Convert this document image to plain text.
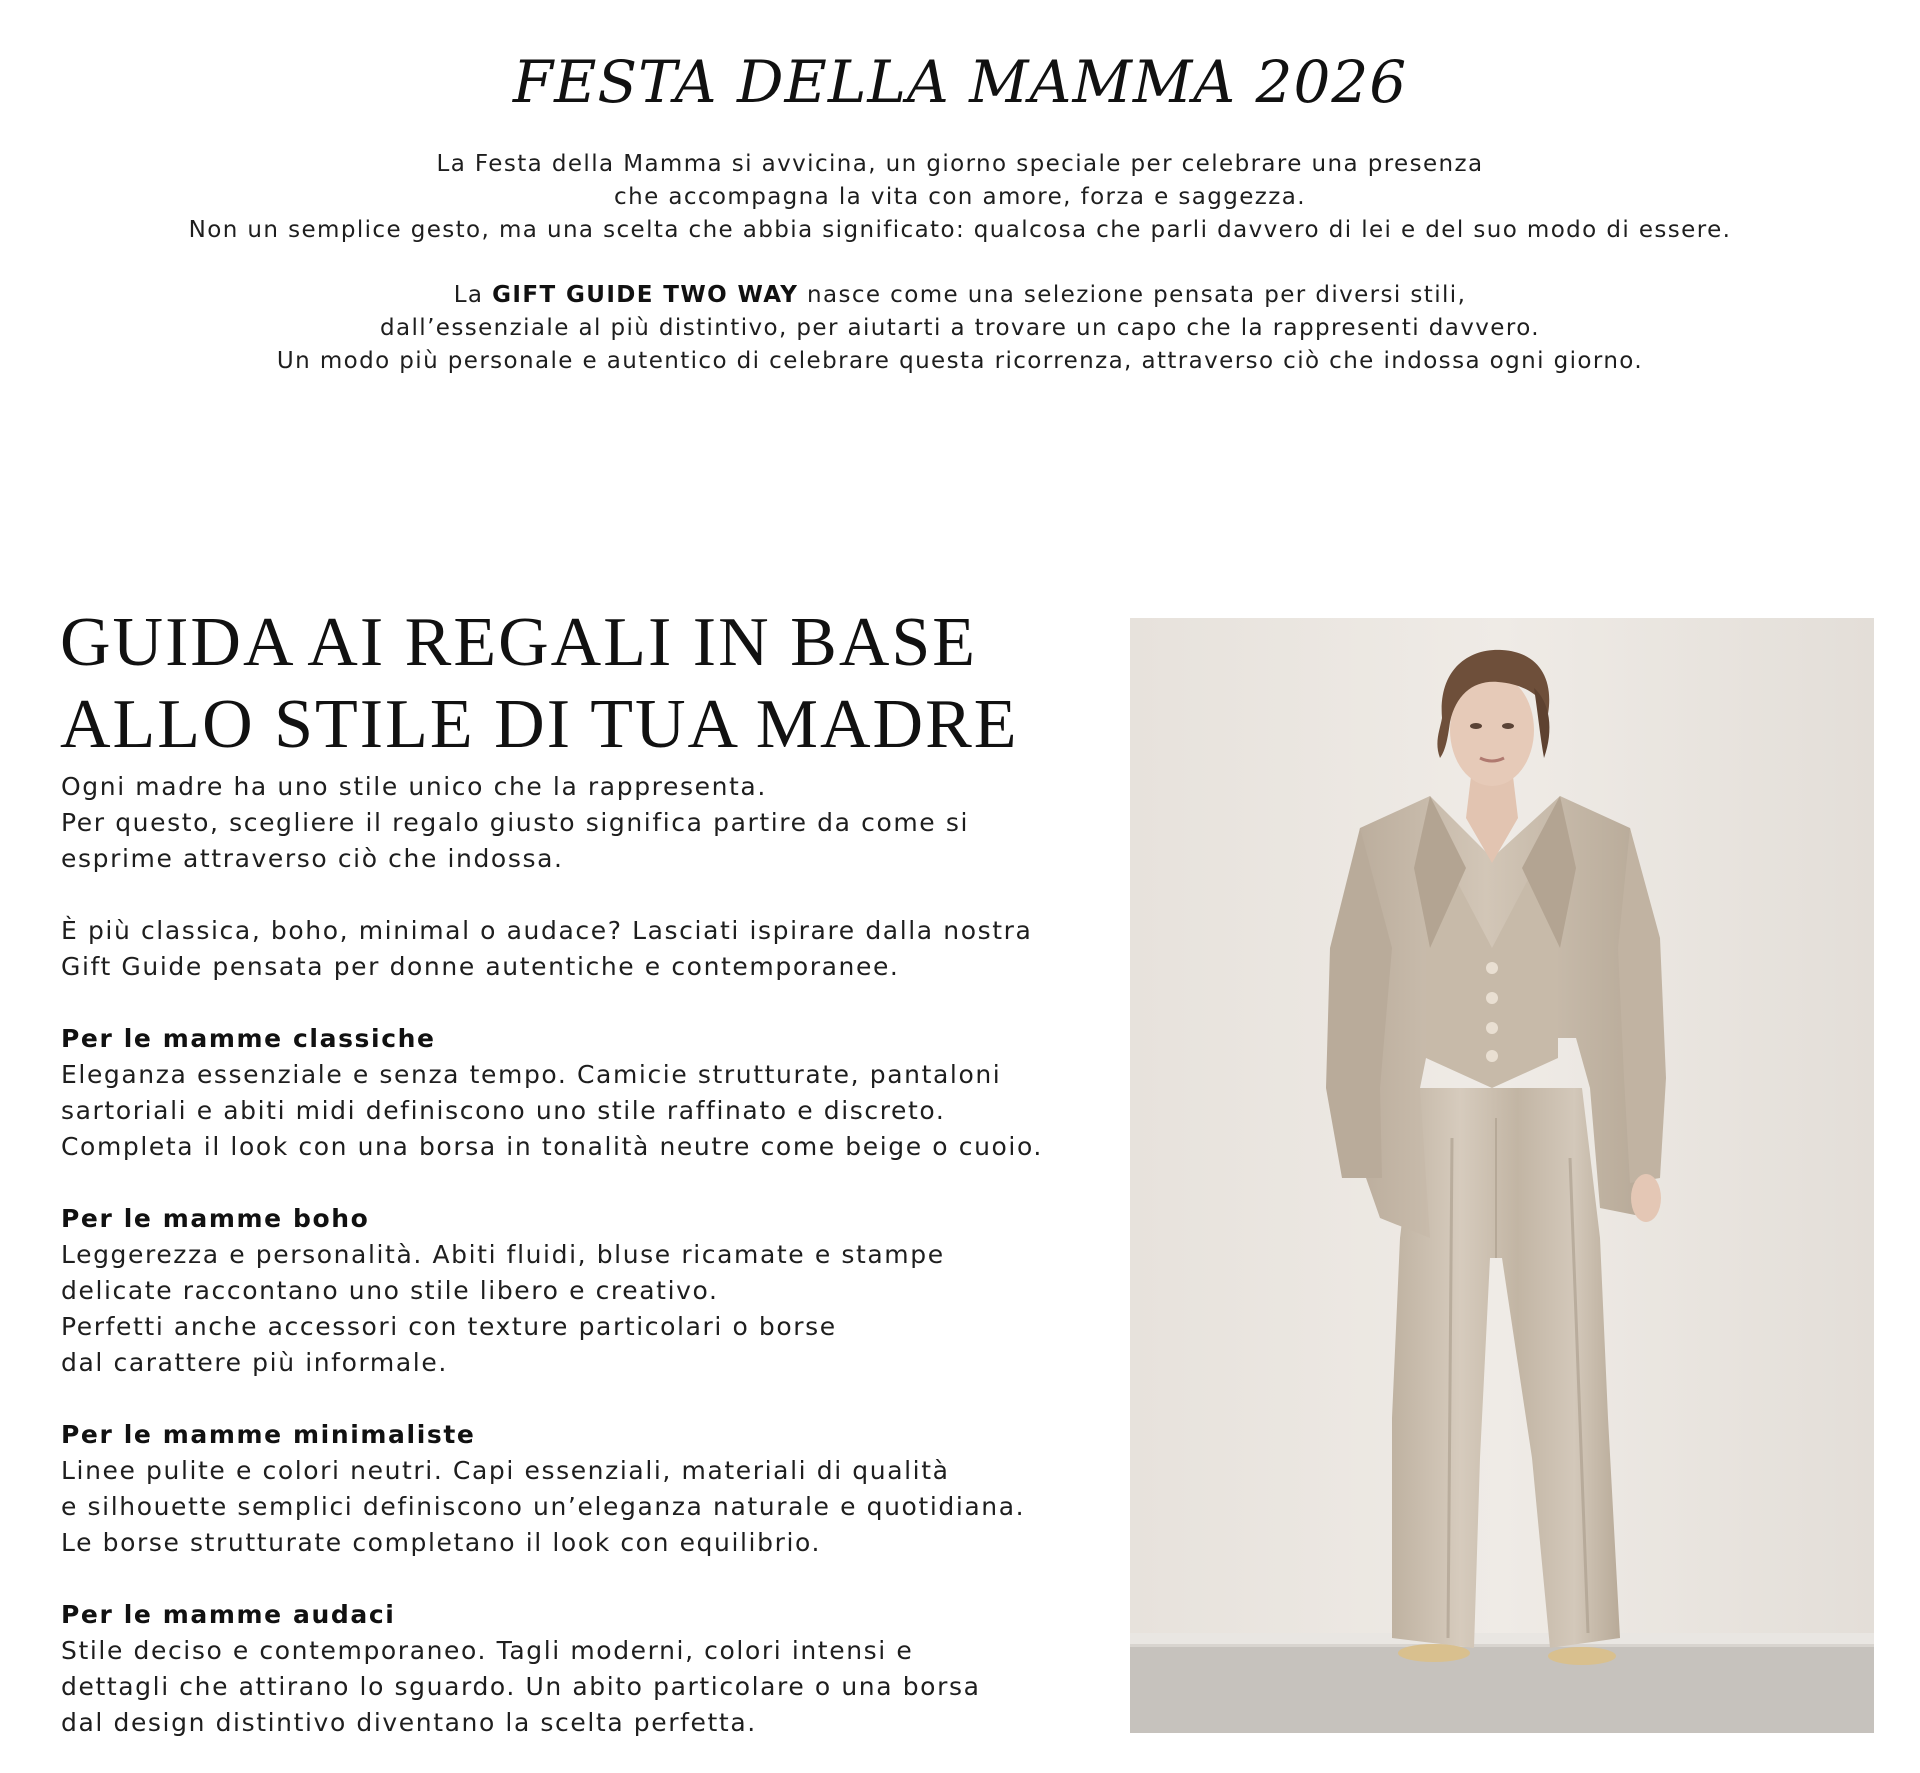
FESTA DELLA MAMMA 2026

La Festa della Mamma si avvicina, un giorno speciale per celebrare una presenza

che accompagna la vita con amore, forza e saggezza.

Non un semplice gesto, ma una scelta che abbia significato: qualcosa che parli davvero di lei e del suo modo di essere.

La GIFT GUIDE TWO WAY nasce come una selezione pensata per diversi stili,

dall’essenziale al più distintivo, per aiutarti a trovare un capo che la rappresenti davvero.

Un modo più personale e autentico di celebrare questa ricorrenza, attraverso ciò che indossa ogni giorno.

GUIDA AI REGALI IN BASE
ALLO STILE DI TUA MADRE

Ogni madre ha uno stile unico che la rappresenta.

Per questo, scegliere il regalo giusto significa partire da come si

esprime attraverso ciò che indossa.

È più classica, boho, minimal o audace? Lasciati ispirare dalla nostra

Gift Guide pensata per donne autentiche e contemporanee.

Per le mamme classiche

Eleganza essenziale e senza tempo. Camicie strutturate, pantaloni

sartoriali e abiti midi definiscono uno stile raffinato e discreto.

Completa il look con una borsa in tonalità neutre come beige o cuoio.

Per le mamme boho

Leggerezza e personalità. Abiti fluidi, bluse ricamate e stampe

delicate raccontano uno stile libero e creativo.

Perfetti anche accessori con texture particolari o borse

dal carattere più informale.

Per le mamme minimaliste

Linee pulite e colori neutri. Capi essenziali, materiali di qualità

e silhouette semplici definiscono un’eleganza naturale e quotidiana.

Le borse strutturate completano il look con equilibrio.

Per le mamme audaci

Stile deciso e contemporaneo. Tagli moderni, colori intensi e

dettagli che attirano lo sguardo. Un abito particolare o una borsa

dal design distintivo diventano la scelta perfetta.
